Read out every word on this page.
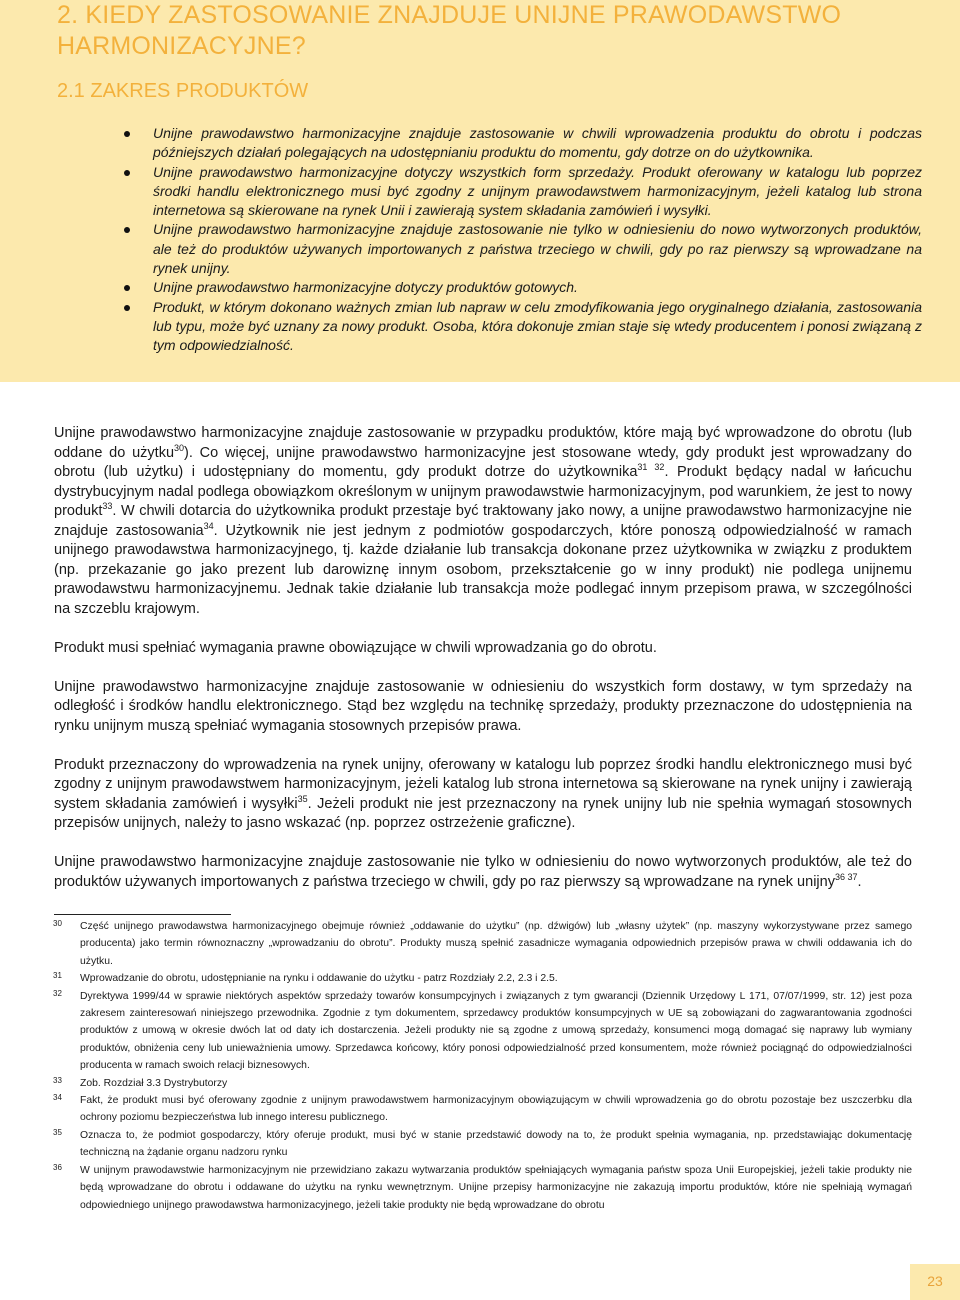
2. KIEDY ZASTOSOWANIE ZNAJDUJE UNIJNE PRAWODAWSTWO HARMONIZACYJNE?
2.1 ZAKRES PRODUKTÓW
Unijne prawodawstwo harmonizacyjne znajduje zastosowanie w chwili wprowadzenia produktu do obrotu i podczas późniejszych działań polegających na udostępnianiu produktu do momentu, gdy dotrze on do użytkownika.
Unijne prawodawstwo harmonizacyjne dotyczy wszystkich form sprzedaży. Produkt oferowany w katalogu lub poprzez środki handlu elektronicznego musi być zgodny z unijnym prawodawstwem harmonizacyjnym, jeżeli katalog lub strona internetowa są skierowane na rynek Unii i zawierają system składania zamówień i wysyłki.
Unijne prawodawstwo harmonizacyjne znajduje zastosowanie nie tylko w odniesieniu do nowo wytworzonych produktów, ale też do produktów używanych importowanych z państwa trzeciego w chwili, gdy po raz pierwszy są wprowadzane na rynek unijny.
Unijne prawodawstwo harmonizacyjne dotyczy produktów gotowych.
Produkt, w którym dokonano ważnych zmian lub napraw w celu zmodyfikowania jego oryginalnego działania, zastosowania lub typu, może być uznany za nowy produkt. Osoba, która dokonuje zmian staje się wtedy producentem i ponosi związaną z tym odpowiedzialność.

Unijne prawodawstwo harmonizacyjne znajduje zastosowanie w przypadku produktów, które mają być wprowadzone do obrotu (lub oddane do użytku$^{30}$). Co więcej, unijne prawodawstwo harmonizacyjne jest stosowane wtedy, gdy produkt jest wprowadzany do obrotu (lub użytku) i udostępniany do momentu, gdy produkt dotrze do użytkownika$^{31 32}$. Produkt będący nadal w łańcuchu dystrybucyjnym nadal podlega obowiązkom określonym w unijnym prawodawstwie harmonizacyjnym, pod warunkiem, że jest to nowy produkt$^{33}$. W chwili dotarcia do użytkownika produkt przestaje być traktowany jako nowy, a unijne prawodawstwo harmonizacyjne nie znajduje zastosowania$^{34}$. Użytkownik nie jest jednym z podmiotów gospodarczych, które ponoszą odpowiedzialność w ramach unijnego prawodawstwa harmonizacyjnego, tj. każde działanie lub transakcja dokonane przez użytkownika w związku z produktem (np. przekazanie go jako prezent lub darowiznę innym osobom, przekształcenie go w inny produkt) nie podlega unijnemu prawodawstwu harmonizacyjnemu. Jednak takie działanie lub transakcja może podlegać innym przepisom prawa, w szczególności na szczeblu krajowym.

Produkt musi spełniać wymagania prawne obowiązujące w chwili wprowadzania go do obrotu.

Unijne prawodawstwo harmonizacyjne znajduje zastosowanie w odniesieniu do wszystkich form dostawy, w tym sprzedaży na odległość i środków handlu elektronicznego. Stąd bez względu na technikę sprzedaży, produkty przeznaczone do udostępnienia na rynku unijnym muszą spełniać wymagania stosownych przepisów prawa.

Produkt przeznaczony do wprowadzenia na rynek unijny, oferowany w katalogu lub poprzez środki handlu elektronicznego musi być zgodny z unijnym prawodawstwem harmonizacyjnym, jeżeli katalog lub strona internetowa są skierowane na rynek unijny i zawierają system składania zamówień i wysyłki$^{35}$. Jeżeli produkt nie jest przeznaczony na rynek unijny lub nie spełnia wymagań stosownych przepisów unijnych, należy to jasno wskazać (np. poprzez ostrzeżenie graficzne).

Unijne prawodawstwo harmonizacyjne znajduje zastosowanie nie tylko w odniesieniu do nowo wytworzonych produktów, ale też do produktów używanych importowanych z państwa trzeciego w chwili, gdy po raz pierwszy są wprowadzane na rynek unijny$^{36 37}$.

30 Część unijnego prawodawstwa harmonizacyjnego obejmuje również „oddawanie do użytku” (np. dźwigów) lub „własny użytek” (np. maszyny wykorzystywane przez samego producenta) jako termin równoznaczny „wprowadzaniu do obrotu”. Produkty muszą spełnić zasadnicze wymagania odpowiednich przepisów prawa w chwili oddawania ich do użytku.
31 Wprowadzanie do obrotu, udostępnianie na rynku i oddawanie do użytku - patrz Rozdziały 2.2, 2.3 i 2.5.
32 Dyrektywa 1999/44 w sprawie niektórych aspektów sprzedaży towarów konsumpcyjnych i związanych z tym gwarancji (Dziennik Urzędowy L 171, 07/07/1999, str. 12) jest poza zakresem zainteresowań niniejszego przewodnika. Zgodnie z tym dokumentem, sprzedawcy produktów konsumpcyjnych w UE są zobowiązani do zagwarantowania zgodności produktów z umową w okresie dwóch lat od daty ich dostarczenia. Jeżeli produkty nie są zgodne z umową sprzedaży, konsumenci mogą domagać się naprawy lub wymiany produktów, obniżenia ceny lub unieważnienia umowy. Sprzedawca końcowy, który ponosi odpowiedzialność przed konsumentem, może również pociągnąć do odpowiedzialności producenta w ramach swoich relacji biznesowych.
33 Zob. Rozdział 3.3 Dystrybutorzy
34 Fakt, że produkt musi być oferowany zgodnie z unijnym prawodawstwem harmonizacyjnym obowiązującym w chwili wprowadzenia go do obrotu pozostaje bez uszczerbku dla ochrony poziomu bezpieczeństwa lub innego interesu publicznego.
35 Oznacza to, że podmiot gospodarczy, który oferuje produkt, musi być w stanie przedstawić dowody na to, że produkt spełnia wymagania, np. przedstawiając dokumentację techniczną na żądanie organu nadzoru rynku
36 W unijnym prawodawstwie harmonizacyjnym nie przewidziano zakazu wytwarzania produktów spełniających wymagania państw spoza Unii Europejskiej, jeżeli takie produkty nie będą wprowadzane do obrotu i oddawane do użytku na rynku wewnętrznym. Unijne przepisy harmonizacyjne nie zakazują importu produktów, które nie spełniają wymagań odpowiedniego unijnego prawodawstwa harmonizacyjnego, jeżeli takie produkty nie będą wprowadzane do obrotu
23
